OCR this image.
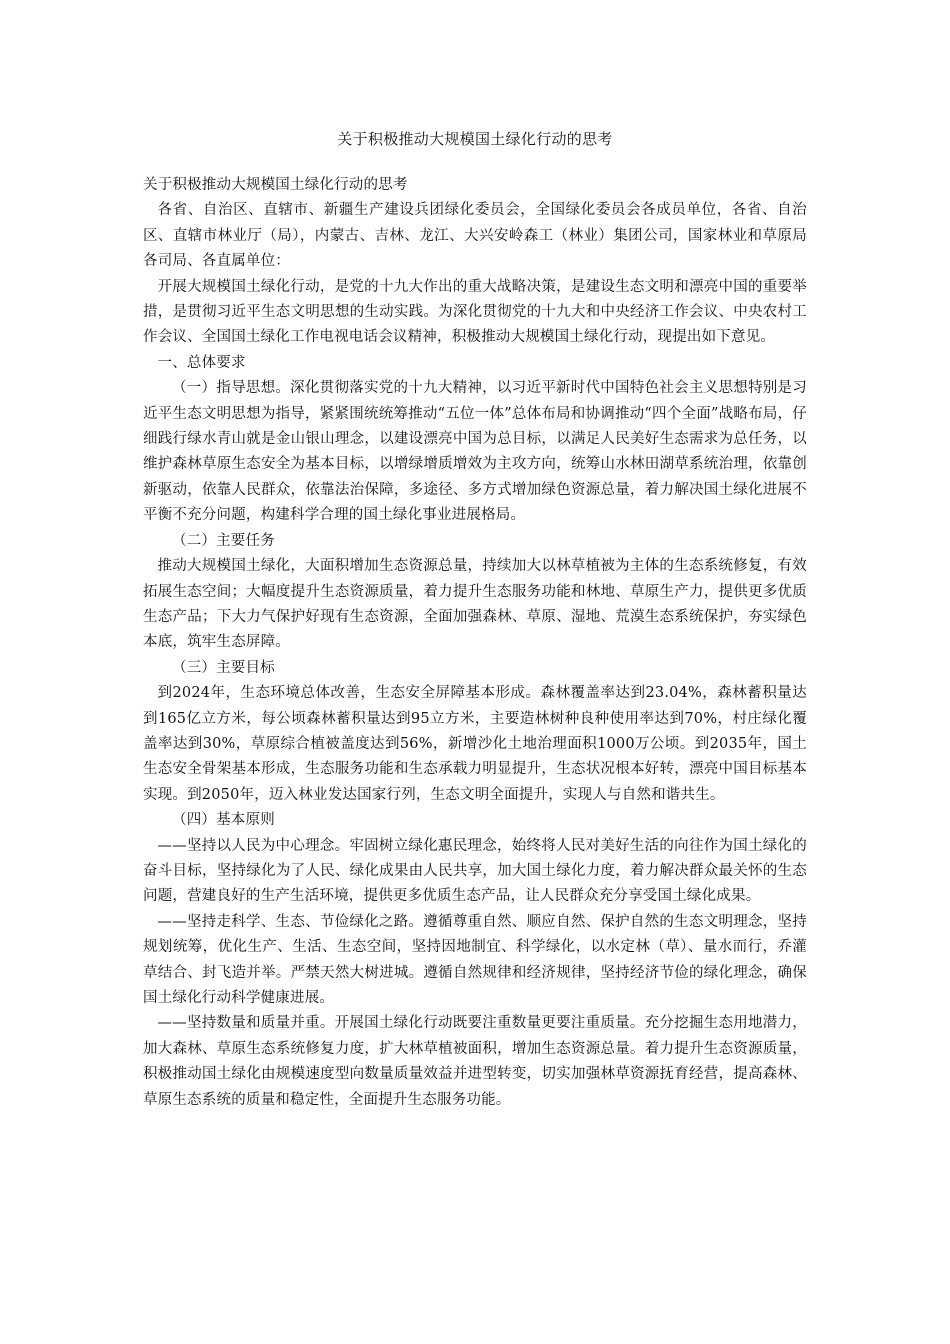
关于积极推动大规模国土绿化行动的思考

关于积极推动大规模国土绿化行动的思考

各省、自治区、直辖市、新疆生产建设兵团绿化委员会，全国绿化委员会各成员单位，各省、自治区、直辖市林业厅（局），内蒙古、吉林、龙江、大兴安岭森工（林业）集团公司，国家林业和草原局各司局、各直属单位：

开展大规模国土绿化行动，是党的十九大作出的重大战略决策，是建设生态文明和漂亮中国的重要举措，是贯彻习近平生态文明思想的生动实践。为深化贯彻党的十九大和中央经济工作会议、中央农村工作会议、全国国土绿化工作电视电话会议精神，积极推动大规模国土绿化行动，现提出如下意见。

一、总体要求

（一）指导思想。深化贯彻落实党的十九大精神，以习近平新时代中国特色社会主义思想特别是习近平生态文明思想为指导，紧紧围统统筹推动“五位一体”总体布局和协调推动“四个全面”战略布局，仔细践行绿水青山就是金山银山理念，以建设漂亮中国为总目标，以满足人民美好生态需求为总任务，以维护森林草原生态安全为基本目标，以增绿增质增效为主攻方向，统筹山水林田湖草系统治理，依靠创新驱动，依靠人民群众，依靠法治保障，多途径、多方式增加绿色资源总量，着力解决国土绿化进展不平衡不充分问题，构建科学合理的国土绿化事业进展格局。

（二）主要任务

推动大规模国土绿化，大面积增加生态资源总量，持续加大以林草植被为主体的生态系统修复，有效拓展生态空间；大幅度提升生态资源质量，着力提升生态服务功能和林地、草原生产力，提供更多优质生态产品；下大力气保护好现有生态资源，全面加强森林、草原、湿地、荒漠生态系统保护，夯实绿色本底，筑牢生态屏障。

（三）主要目标

到2024年，生态环境总体改善，生态安全屏障基本形成。森林覆盖率达到23.04%，森林蓄积量达到165亿立方米，每公顷森林蓄积量达到95立方米，主要造林树种良种使用率达到70%，村庄绿化覆盖率达到30%，草原综合植被盖度达到56%，新增沙化土地治理面积1000万公顷。到2035年，国土生态安全骨架基本形成，生态服务功能和生态承载力明显提升，生态状况根本好转，漂亮中国目标基本实现。到2050年，迈入林业发达国家行列，生态文明全面提升，实现人与自然和谐共生。

（四）基本原则

——坚持以人民为中心理念。牢固树立绿化惠民理念，始终将人民对美好生活的向往作为国土绿化的奋斗目标，坚持绿化为了人民、绿化成果由人民共享，加大国土绿化力度，着力解决群众最关怀的生态问题，营建良好的生产生活环境，提供更多优质生态产品，让人民群众充分享受国土绿化成果。

——坚持走科学、生态、节俭绿化之路。遵循尊重自然、顺应自然、保护自然的生态文明理念，坚持规划统筹，优化生产、生活、生态空间，坚持因地制宜、科学绿化，以水定林（草）、量水而行，乔灌草结合、封飞造并举。严禁天然大树进城。遵循自然规律和经济规律，坚持经济节俭的绿化理念，确保国土绿化行动科学健康进展。

——坚持数量和质量并重。开展国土绿化行动既要注重数量更要注重质量。充分挖掘生态用地潜力，加大森林、草原生态系统修复力度，扩大林草植被面积，增加生态资源总量。着力提升生态资源质量，积极推动国土绿化由规模速度型向数量质量效益并进型转变，切实加强林草资源抚育经营，提高森林、草原生态系统的质量和稳定性，全面提升生态服务功能。
